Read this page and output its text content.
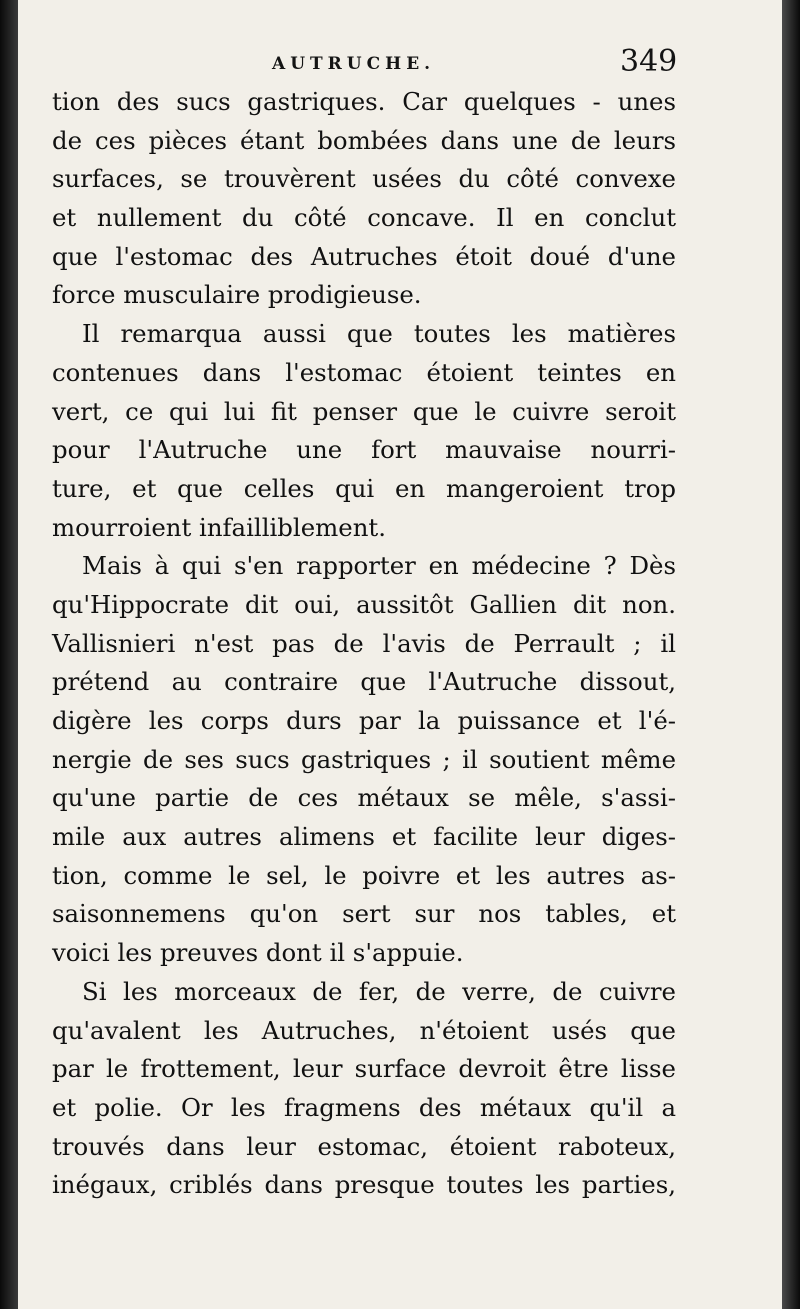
AUTRUCHE.	349
tion des sucs gastriques. Car quelques - unes
de ces pièces étant bombées dans une de leurs
surfaces, se trouvèrent usées du côté convexe
et nullement du côté concave. Il en conclut
que l'estomac des Autruches étoit doué d'une
force musculaire prodigieuse.
Il remarqua aussi que toutes les matières
contenues dans l'estomac étoient teintes en
vert, ce qui lui fit penser que le cuivre seroit
pour l'Autruche une fort mauvaise nourri-
ture, et que celles qui en mangeroient trop
mourroient infailliblement.
Mais à qui s'en rapporter en médecine ? Dès
qu'Hippocrate dit oui, aussitôt Gallien dit non.
Vallisnieri n'est pas de l'avis de Perrault ; il
prétend au contraire que l'Autruche dissout,
digère les corps durs par la puissance et l'é-
nergie de ses sucs gastriques ; il soutient même
qu'une partie de ces métaux se mêle, s'assi-
mile aux autres alimens et facilite leur diges-
tion, comme le sel, le poivre et les autres as-
saisonnemens qu'on sert sur nos tables, et
voici les preuves dont il s'appuie.
Si les morceaux de fer, de verre, de cuivre
qu'avalent les Autruches, n'étoient usés que
par le frottement, leur surface devroit être lisse
et polie. Or les fragmens des métaux qu'il a
trouvés dans leur estomac, étoient raboteux,
inégaux, criblés dans presque toutes les parties,
